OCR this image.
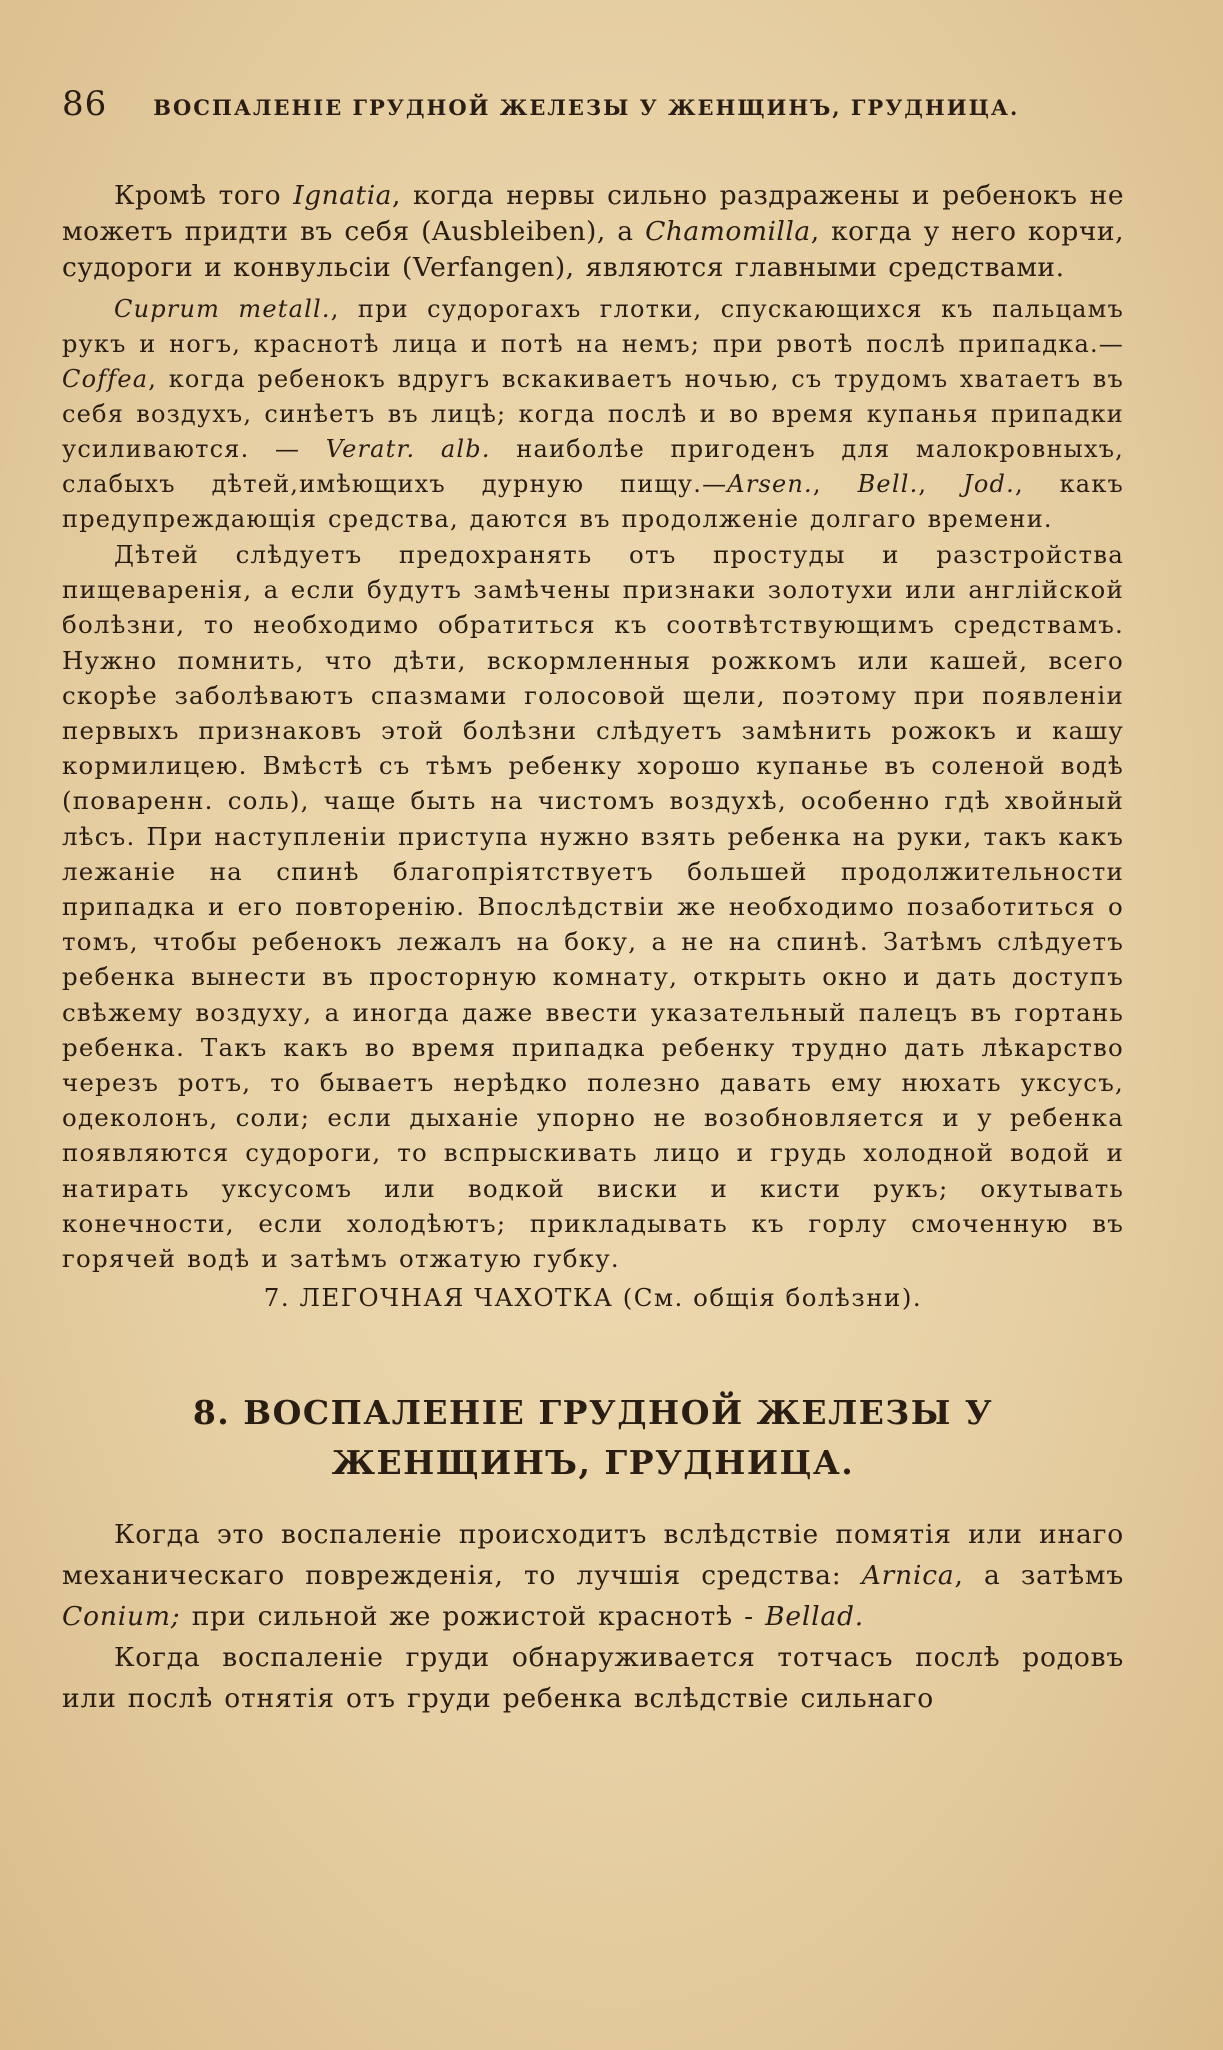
86 ВОСПАЛЕНІЕ ГРУДНОЙ ЖЕЛЕЗЫ У ЖЕНЩИНЪ, ГРУДНИЦА.

Кромѣ того Ignatia, когда нервы сильно раздражены и ребенокъ не можетъ придти въ себя (Ausbleiben), а Chamomilla, когда у него корчи, судороги и конвульсіи (Verfangen), являются главными средствами.

Cuprum metall., при судорогахъ глотки, спускающихся къ пальцамъ рукъ и ногъ, краснотѣ лица и потѣ на немъ; при рвотѣ послѣ припадка.—Coffea, когда ребенокъ вдругъ вскакиваетъ ночью, съ трудомъ хватаетъ въ себя воздухъ, синѣетъ въ лицѣ; когда послѣ и во время купанья припадки усиливаются. — Veratr. alb. наиболѣе пригоденъ для малокровныхъ, слабыхъ дѣтей,имѣющихъ дурную пищу.—Arsen., Bell., Jod., какъ предупреждающія средства, даются въ продолженіе долгаго времени.

Дѣтей слѣдуетъ предохранять отъ простуды и разстройства пищеваренія, а если будутъ замѣчены признаки золотухи или англійской болѣзни, то необходимо обратиться къ соотвѣтствующимъ средствамъ. Нужно помнить, что дѣти, вскормленныя рожкомъ или кашей, всего скорѣе заболѣваютъ спазмами голосовой щели, поэтому при появленіи первыхъ признаковъ этой болѣзни слѣдуетъ замѣнить рожокъ и кашу кормилицею. Вмѣстѣ съ тѣмъ ребенку хорошо купанье въ соленой водѣ (поваренн. соль), чаще быть на чистомъ воздухѣ, особенно гдѣ хвойный лѣсъ. При наступленіи приступа нужно взять ребенка на руки, такъ какъ лежаніе на спинѣ благопріятствуетъ большей продолжительности припадка и его повторенію. Впослѣдствіи же необходимо позаботиться о томъ, чтобы ребенокъ лежалъ на боку, а не на спинѣ. Затѣмъ слѣдуетъ ребенка вынести въ просторную комнату, открыть окно и дать доступъ свѣжему воздуху, а иногда даже ввести указательный палецъ въ гортань ребенка. Такъ какъ во время припадка ребенку трудно дать лѣкарство черезъ ротъ, то бываетъ нерѣдко полезно давать ему нюхать уксусъ, одеколонъ, соли; если дыханіе упорно не возобновляется и у ребенка появляются судороги, то вспрыскивать лицо и грудь холодной водой и натирать уксусомъ или водкой виски и кисти рукъ; окутывать конечности, если холодѣютъ; прикладывать къ горлу смоченную въ горячей водѣ и затѣмъ отжатую губку.

7. ЛЕГОЧНАЯ ЧАХОТКА (См. общія болѣзни).
8. ВОСПАЛЕНІЕ ГРУДНОЙ ЖЕЛЕЗЫ У ЖЕНЩИНЪ, ГРУДНИЦА.

Когда это воспаленіе происходитъ вслѣдствіе помятія или инаго механическаго поврежденія, то лучшія средства: Arnica, а затѣмъ Conium; при сильной же рожистой краснотѣ - Bellad.

Когда воспаленіе груди обнаруживается тотчасъ послѣ родовъ или послѣ отнятія отъ груди ребенка вслѣдствіе сильнаго
